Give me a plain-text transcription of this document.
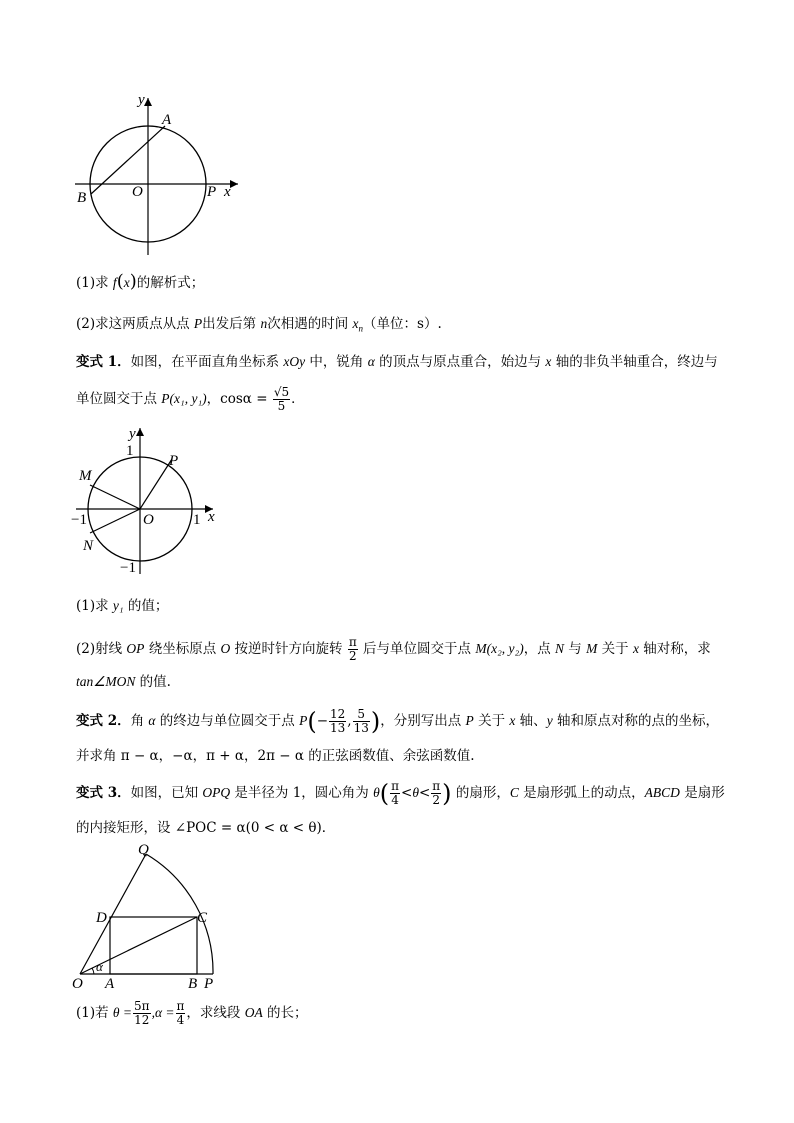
y
x
A
B	O	P
(1)求 f(x)的解析式；
(2)求这两质点从点 P出发后第 n次相遇的时间 $x_n$（单位：s）.
变式 1．如图，在平面直角坐标系 xOy 中，锐角 α 的顶点与原点重合，始边与 x 轴的非负半轴重合，终边与
单位圆交于点 P(x₁, y₁)，$\cos\alpha = \frac{√5}{5}$ ．
y
x
1
1
−1
−1
M
N
O
P
(1)求 y₁ 的值；
(2)射线 OP 绕坐标原点 O 按逆时针方向旋转 $\frac{\pi}{2}$ 后与单位圆交于点 M(x₂, y₂)，点 N 与 M 关于 x 轴对称，求
tan∠MON 的值.
变式 2．角 α 的终边与单位圆交于点 $P(- \frac{12}{13}$ , $\frac{5}{13}$ )，分别写出点 P 关于 x 轴、y 轴和原点对称的点的坐标，
并求角 π − α，−α，π + α，2π − α 的正弦函数值、余弦函数值.
变式 3．如图，已知 OPQ 是半径为 1，圆心角为 $\theta( \frac{\pi}{4} <\theta< \frac{\pi}{2}$ ) 的扇形，C 是扇形弧上的动点，ABCD 是扇形
的内接矩形，设 ∠POC = α(0 < α < θ)．
Q
D	C
O A	B P
α
(1)若 $\theta = \frac{5\pi}{12} ,\alpha = \frac{\pi}{4}$ ，求线段 OA 的长；
